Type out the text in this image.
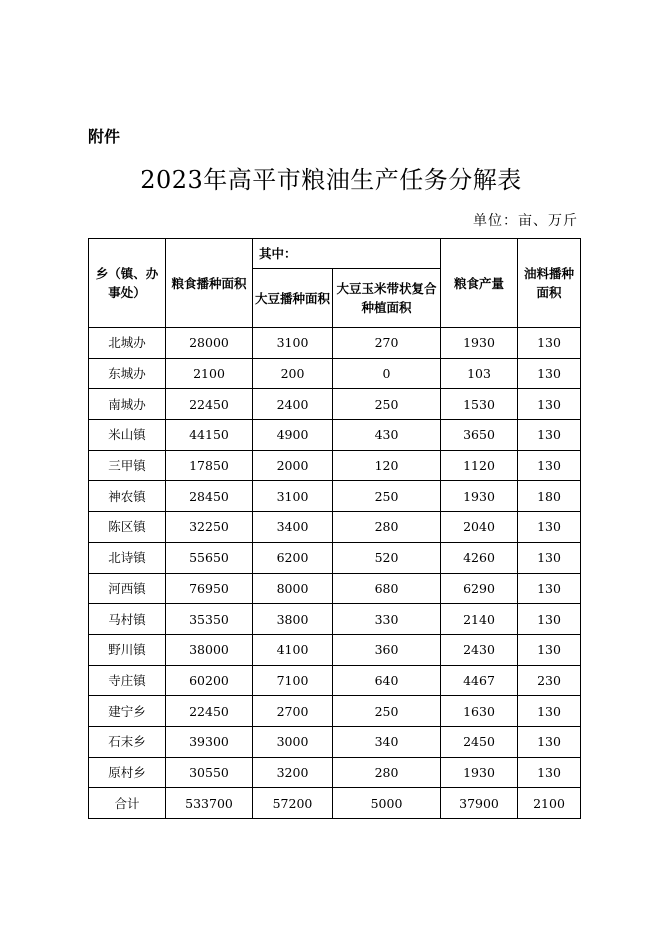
附件
2023年高平市粮油生产任务分解表
单位：亩、万斤
乡（镇、办事处）	粮食播种面积	其中：		粮食产量	油料播种面积
		大豆播种面积	大豆玉米带状复合种植面积		
北城办	28000	3100	270	1930	130
东城办	2100	200	0	103	130
南城办	22450	2400	250	1530	130
米山镇	44150	4900	430	3650	130
三甲镇	17850	2000	120	1120	130
神农镇	28450	3100	250	1930	180
陈区镇	32250	3400	280	2040	130
北诗镇	55650	6200	520	4260	130
河西镇	76950	8000	680	6290	130
马村镇	35350	3800	330	2140	130
野川镇	38000	4100	360	2430	130
寺庄镇	60200	7100	640	4467	230
建宁乡	22450	2700	250	1630	130
石末乡	39300	3000	340	2450	130
原村乡	30550	3200	280	1930	130
合计	533700	57200	5000	37900	2100
